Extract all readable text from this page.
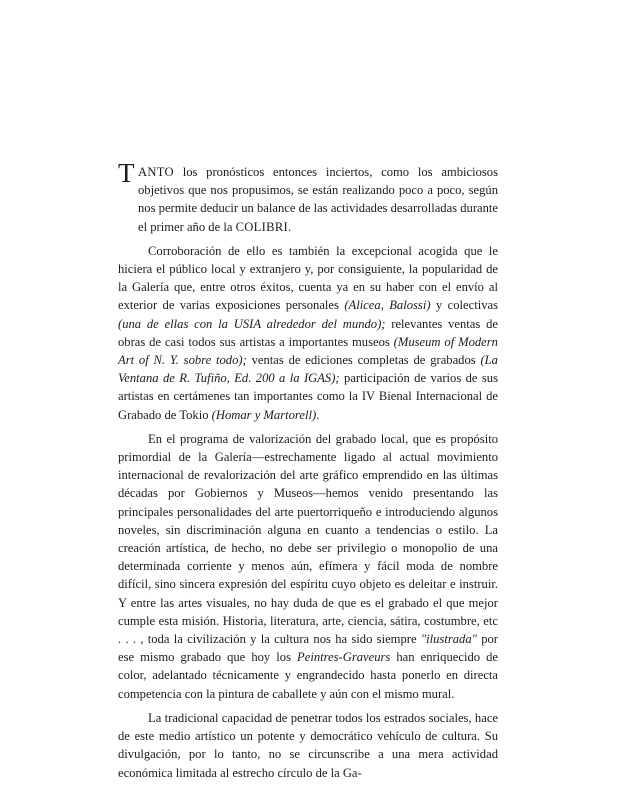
T ANTO los pronósticos entonces inciertos, como los ambiciosos objetivos que nos propusimos, se están realizando poco a poco, según nos permite deducir un balance de las actividades desarrolladas durante el primer año de la COLIBRI.

Corroboración de ello es también la excepcional acogida que le hiciera el público local y extranjero y, por consiguiente, la popularidad de la Galería que, entre otros éxitos, cuenta ya en su haber con el envío al exterior de varias exposiciones personales (Alicea, Balossi) y colectivas (una de ellas con la USIA alrededor del mundo); relevantes ventas de obras de casi todos sus artistas a importantes museos (Museum of Modern Art of N. Y. sobre todo); ventas de ediciones completas de grabados (La Ventana de R. Tufiño, Ed. 200 a la IGAS); participación de varios de sus artistas en certámenes tan importantes como la IV Bienal Internacional de Grabado de Tokio (Homar y Martorell).

En el programa de valorización del grabado local, que es propósito primordial de la Galería—estrechamente ligado al actual movimiento internacional de revalorización del arte gráfico emprendido en las últimas décadas por Gobiernos y Museos—hemos venido presentando las principales personalidades del arte puertorriqueño e introduciendo algunos noveles, sin discriminación alguna en cuanto a tendencias o estilo. La creación artística, de hecho, no debe ser privilegio o monopolio de una determinada corriente y menos aún, efímera y fácil moda de nombre difícil, sino sincera expresión del espíritu cuyo objeto es deleitar e instruir. Y entre las artes visuales, no hay duda de que es el grabado el que mejor cumple esta misión. Historia, literatura, arte, ciencia, sátira, costumbre, etc . . . , toda la civilización y la cultura nos ha sido siempre "ilustrada" por ese mismo grabado que hoy los Peintres-Graveurs han enriquecido de color, adelantado técnicamente y engrandecido hasta ponerlo en directa competencia con la pintura de caballete y aún con el mismo mural.

La tradicional capacidad de penetrar todos los estrados sociales, hace de este medio artístico un potente y democrático vehículo de cultura. Su divulgación, por lo tanto, no se circunscribe a una mera actividad económica limitada al estrecho círculo de la Ga-
